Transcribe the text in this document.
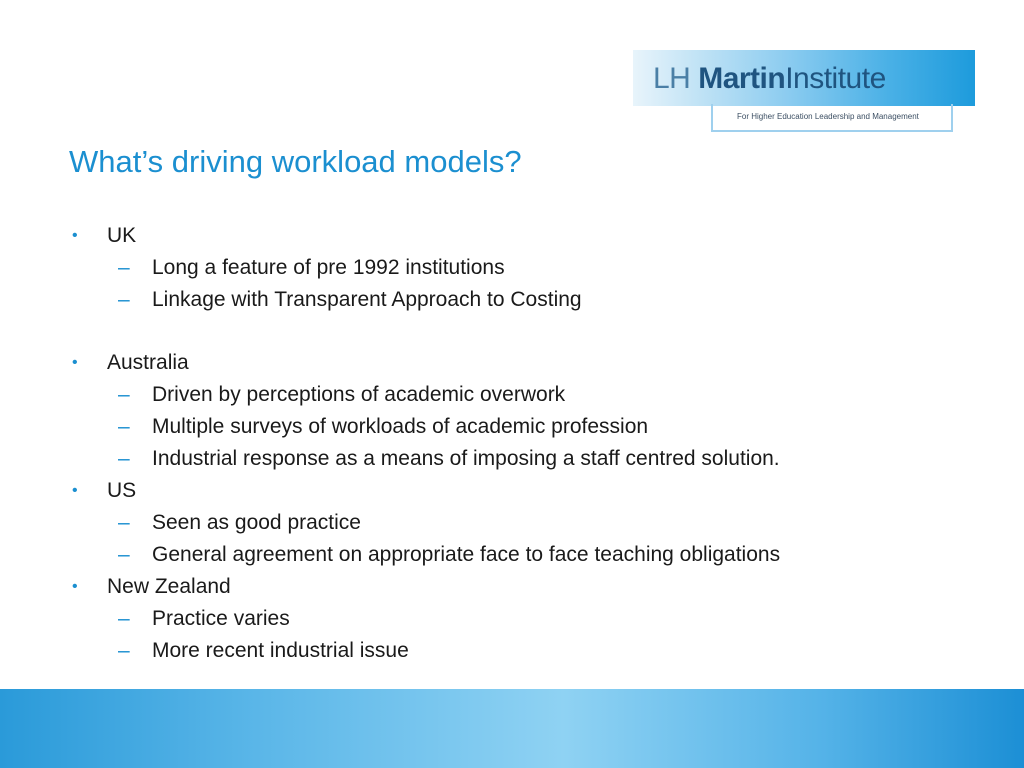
LH MartinInstitute
For Higher Education Leadership and Management
What’s driving workload models?
• UK
– Long a feature of pre 1992 institutions
– Linkage with Transparent Approach to Costing
• Australia
– Driven by perceptions of academic overwork
– Multiple surveys of workloads of academic profession
– Industrial response as a means of imposing a staff centred solution.
• US
– Seen as good practice
– General agreement on appropriate face to face teaching obligations
• New Zealand
– Practice varies
– More recent industrial issue
